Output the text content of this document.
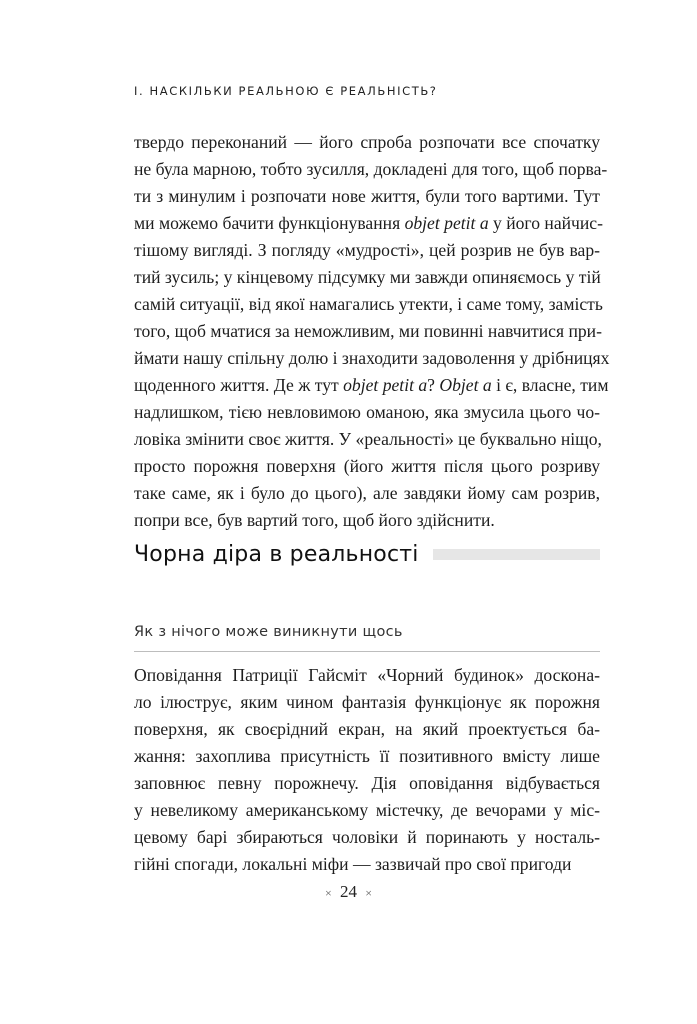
I. НАСКІЛЬКИ РЕАЛЬНОЮ Є РЕАЛЬНІСТЬ?
твердо переконаний — його спроба розпочати все спочатку
не була марною, тобто зусилля, докладені для того, щоб порва-
ти з минулим і розпочати нове життя, були того вартими. Тут
ми можемо бачити функціонування objet petit a у його найчис-
тішому вигляді. З погляду «мудрості», цей розрив не був вар-
тий зусиль; у кінцевому підсумку ми завжди опиняємось у тій
самій ситуації, від якої намагались утекти, і саме тому, замість
того, щоб мчатися за неможливим, ми повинні навчитися при-
ймати нашу спільну долю і знаходити задоволення у дрібницях
щоденного життя. Де ж тут objet petit a? Objet a і є, власне, тим
надлишком, тією невловимою оманою, яка змусила цього чо-
ловіка змінити своє життя. У «реальності» це буквально ніщо,
просто порожня поверхня (його життя після цього розриву
таке саме, як і було до цього), але завдяки йому сам розрив,
попри все, був вартий того, щоб його здійснити.
Чорна діра в реальності
Як з нічого може виникнути щось
Оповідання Патриції Гайсміт «Чорний будинок» доскона-
ло ілюструє, яким чином фантазія функціонує як порожня
поверхня, як своєрідний екран, на який проектується ба-
жання: захоплива присутність її позитивного вмісту лише
заповнює певну порожнечу. Дія оповідання відбувається
у невеликому американському містечку, де вечорами у міс-
цевому барі збираються чоловіки й поринають у носталь-
гійні спогади, локальні міфи — зазвичай про свої пригоди
× 24 ×
